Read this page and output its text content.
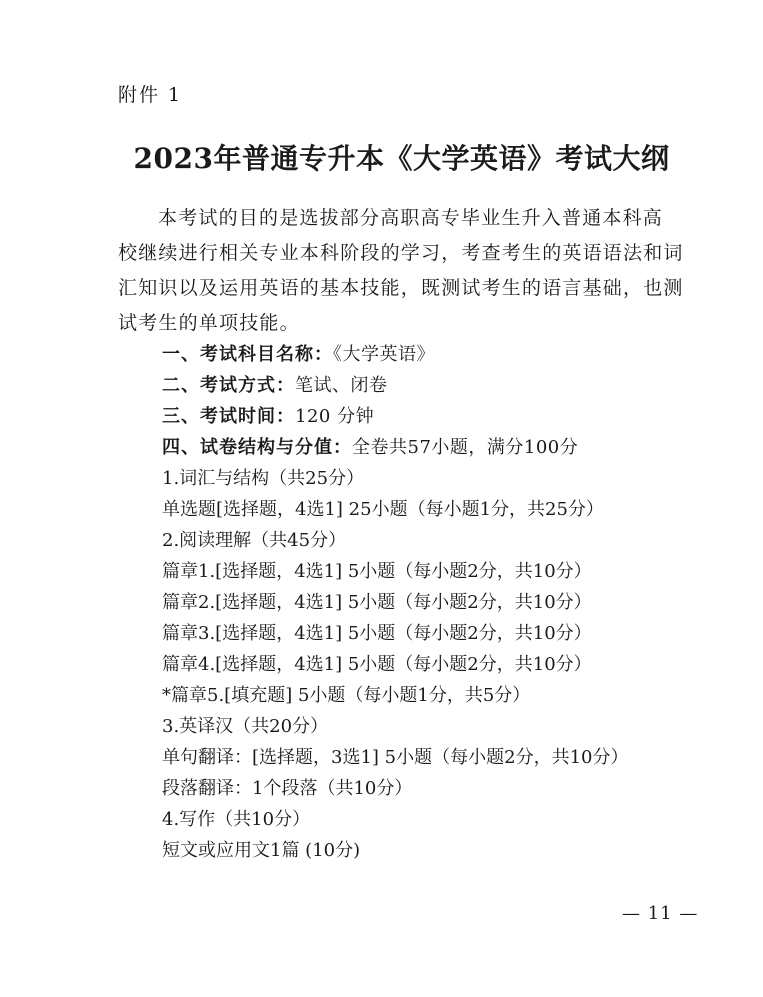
附件 1
2023年普通专升本《大学英语》考试大纲
本考试的目的是选拔部分高职高专毕业生升入普通本科高
校继续进行相关专业本科阶段的学习，考查考生的英语语法和词
汇知识以及运用英语的基本技能，既测试考生的语言基础，也测
试考生的单项技能。
一、考试科目名称：《大学英语》
二、考试方式：笔试、闭卷
三、考试时间：120 分钟
四、试卷结构与分值：全卷共57小题，满分100分
1.词汇与结构（共25分）
单选题[选择题，4选1] 25小题（每小题1分，共25分）
2.阅读理解（共45分）
篇章1.[选择题，4选1] 5小题（每小题2分，共10分）
篇章2.[选择题，4选1] 5小题（每小题2分，共10分）
篇章3.[选择题，4选1] 5小题（每小题2分，共10分）
篇章4.[选择题，4选1] 5小题（每小题2分，共10分）
*篇章5.[填充题] 5小题（每小题1分，共5分）
3.英译汉（共20分）
单句翻译：[选择题，3选1] 5小题（每小题2分，共10分）
段落翻译：1个段落（共10分）
4.写作（共10分）
短文或应用文1篇 (10分)
— 11 —
